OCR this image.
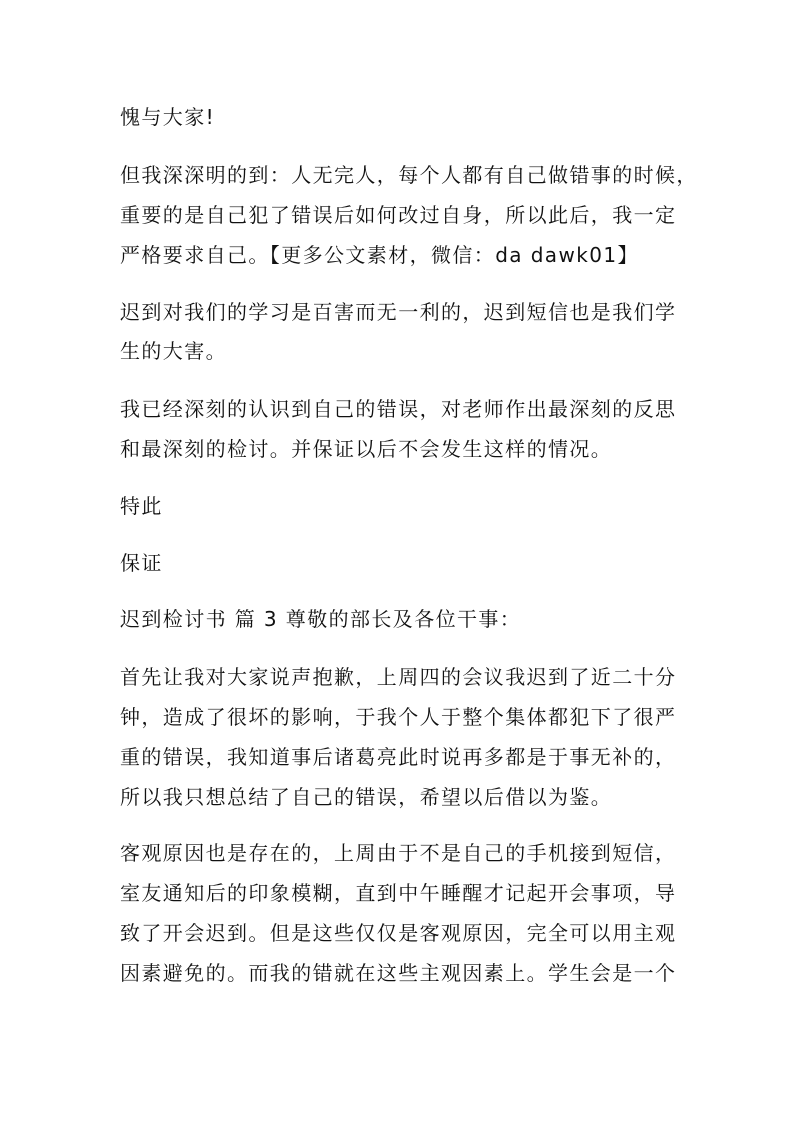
愧与大家!
但我深深明的到：人无完人，每个人都有自己做错事的时候，
重要的是自己犯了错误后如何改过自身，所以此后，我一定
严格要求自己。【更多公文素材，微信：da dawk01】
迟到对我们的学习是百害而无一利的，迟到短信也是我们学
生的大害。
我已经深刻的认识到自己的错误，对老师作出最深刻的反思
和最深刻的检讨。并保证以后不会发生这样的情况。
特此
保证
迟到检讨书 篇 3 尊敬的部长及各位干事：
首先让我对大家说声抱歉，上周四的会议我迟到了近二十分
钟，造成了很坏的影响，于我个人于整个集体都犯下了很严
重的错误，我知道事后诸葛亮此时说再多都是于事无补的，
所以我只想总结了自己的错误，希望以后借以为鉴。
客观原因也是存在的，上周由于不是自己的手机接到短信，
室友通知后的印象模糊，直到中午睡醒才记起开会事项，导
致了开会迟到。但是这些仅仅是客观原因，完全可以用主观
因素避免的。而我的错就在这些主观因素上。学生会是一个
